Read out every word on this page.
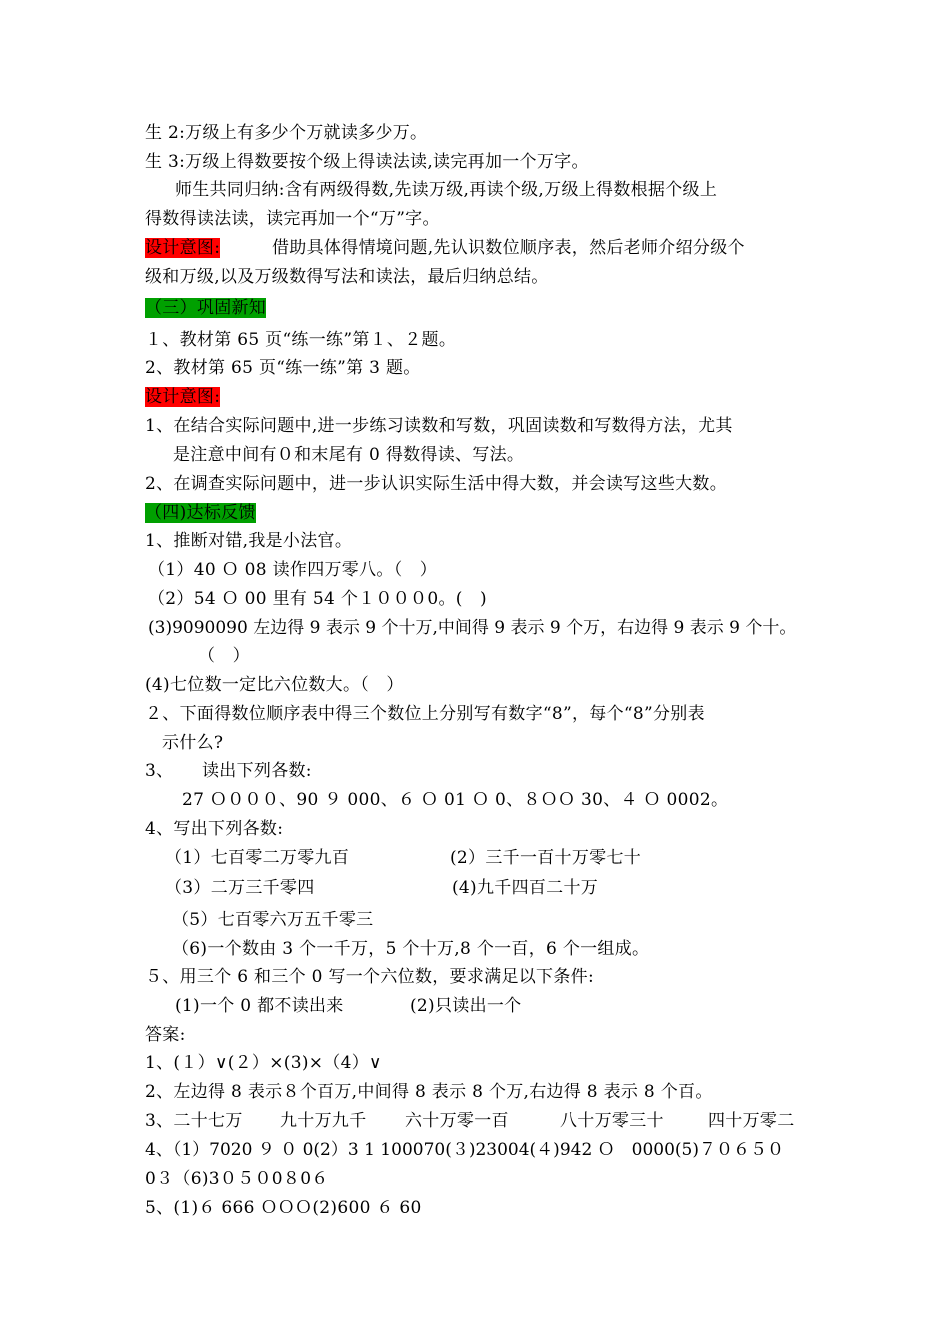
生 2:万级上有多少个万就读多少万。
生 3:万级上得数要按个级上得读法读,读完再加一个万字。
师生共同归纳:含有两级得数,先读万级,再读个级,万级上得数根据个级上
得数得读法读，读完再加一个“万”字。
设计意图:	借助具体得情境问题,先认识数位顺序表，然后老师介绍分级个
级和万级,以及万级数得写法和读法，最后归纳总结。
（三）巩固新知
１、教材第 65 页“练一练”第１、２题。
2、教材第 65 页“练一练”第 3 题。
设计意图:
1、在结合实际问题中,进一步练习读数和写数，巩固读数和写数得方法，尤其
是注意中间有０和末尾有 0 得数得读、写法。
2、在调查实际问题中，进一步认识实际生活中得大数，并会读写这些大数。
（四)达标反馈
1、推断对错,我是小法官。
（1）40 Ｏ 08 读作四万零八。（　）
（2）54 Ｏ 00 里有 54 个１０００0。(　)
(3)9090090 左边得 9 表示 9 个十万,中间得 9 表示 9 个万，右边得 9 表示 9 个十。
（　）
(4)七位数一定比六位数大。（　）
２、下面得数位顺序表中得三个数位上分别写有数字“8”，每个“8”分别表
示什么?
3、 读出下列各数:
27 Ｏ０００、90 ９ 000、６ Ｏ 01 Ｏ 0、８ＯＯ 30、４ Ｏ 0002。
4、写出下列各数:
（1）七百零二万零九百	(2）三千一百十万零七十
（3）二万三千零四	(4)九千四百二十万
（5）七百零六万五千零三
（6)一个数由 3 个一千万，5 个十万,8 个一百，6 个一组成。
５、用三个 6 和三个 0 写一个六位数，要求满足以下条件:
(1)一个 0 都不读出来	(2)只读出一个
答案:
1、(１）∨(２）×(3)×（4）∨
2、左边得 8 表示８个百万,中间得 8 表示 8 个万,右边得 8 表示 8 个百。
3、二十七万 九十万九千 六十万零一百	八十万零三十	四十万零二
4、（1）7020 ９ ０ 0(2）3 1 100070(３)23004(４)942 Ｏ　0000(5)７０６５０
0３（6)3０５０0８0６
5、(1)６ 666 ＯＯＯ(2)600 ６ 60
